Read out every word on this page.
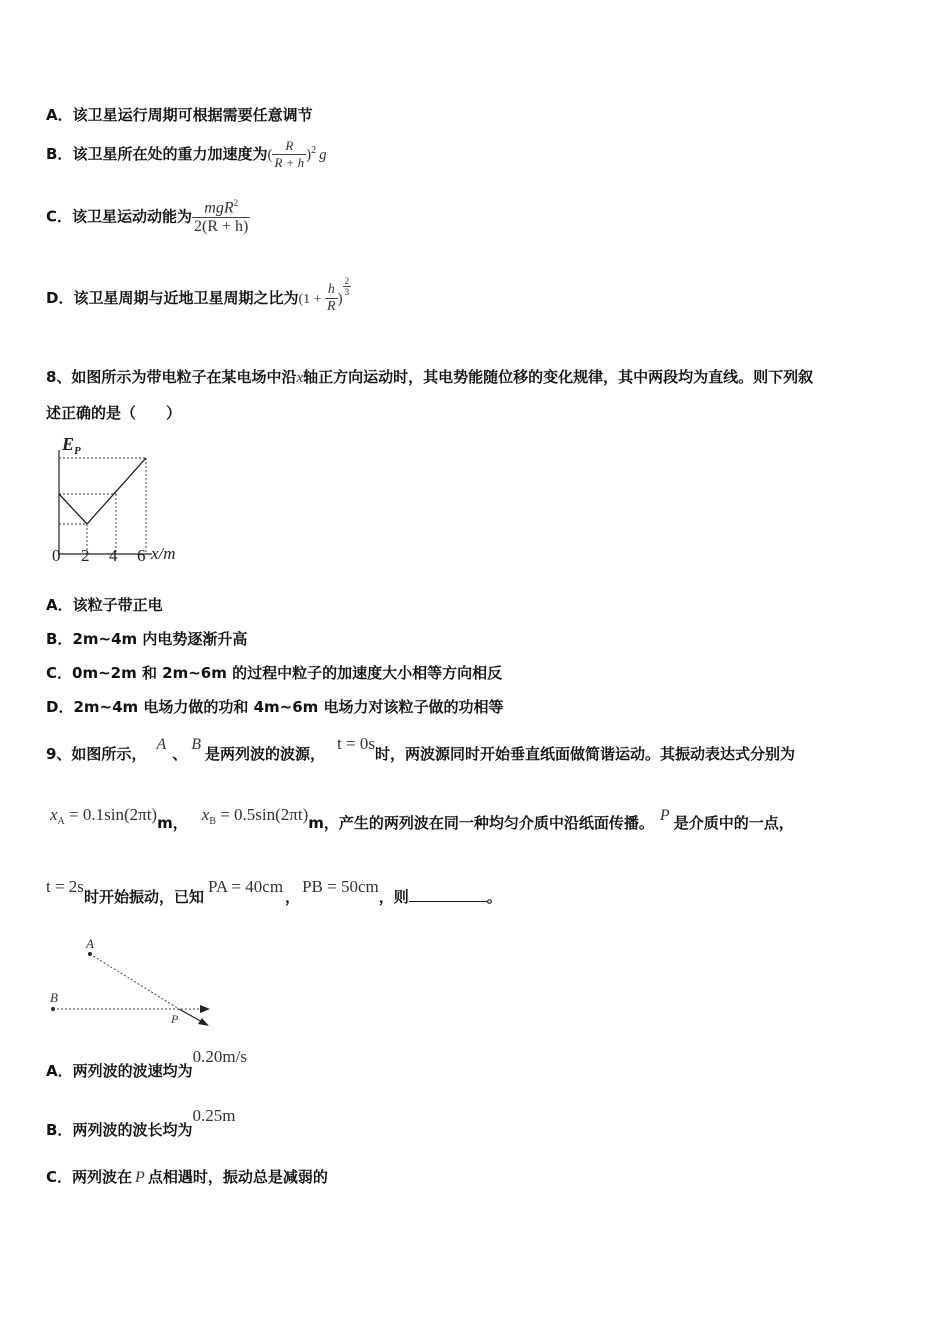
A．该卫星运行周期可根据需要任意调节
B．该卫星所在处的重力加速度为( $\frac{R}{R + h} )^2$ g
C．该卫星运动动能为 $\frac{mgR^2}{2(R + h)}$
D．该卫星周期与近地卫星周期之比为($1 + \frac{h}{R}$ )
$\frac{2}{3}$
8、如图所示为带电粒子在某电场中沿x轴正方向运动时，其电势能随位移的变化规律，其中两段均为直线。则下列叙
述正确的是（　　）
E P
0 2 4 6 x/m
A．该粒子带正电
B．2m~4m 内电势逐渐升高
C．0m~2m 和 2m~6m 的过程中粒子的加速度大小相等方向相反
D．2m~4m 电场力做的功和 4m~6m 电场力对该粒子做的功相等
9、如图所示，A、B是两列波的波源，t = 0s时，两波源同时开始垂直纸面做简谐运动。其振动表达式分别为
$x_A = 0.1\sin(2\pi t)m$， $x_B = 0.5\sin(2\pi t)m$，产生的两列波在同一种均匀介质中沿纸面传播。 P 是介质中的一点，
t = 2s时开始振动，已知PA = 40cm，PB = 50cm，则	。
A
B
P
A．两列波的波速均为0.20m/s
B．两列波的波长均为0.25m
C．两列波在 P 点相遇时，振动总是减弱的
